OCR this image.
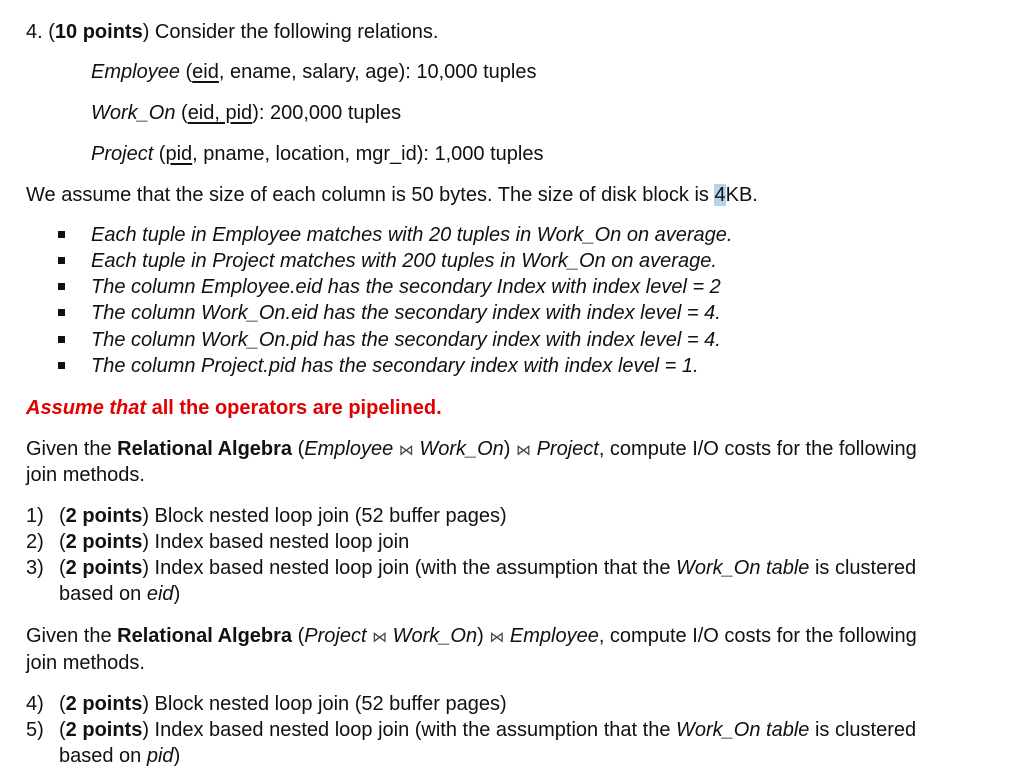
4. (10 points) Consider the following relations.
Employee (eid, ename, salary, age): 10,000 tuples
Work_On (eid, pid): 200,000 tuples
Project (pid, pname, location, mgr_id): 1,000 tuples
We assume that the size of each column is 50 bytes. The size of disk block is 4KB.
Each tuple in Employee matches with 20 tuples in Work_On on average.
Each tuple in Project matches with 200 tuples in Work_On on average.
The column Employee.eid has the secondary Index with index level = 2
The column Work_On.eid has the secondary index with index level = 4.
The column Work_On.pid has the secondary index with index level = 4.
The column Project.pid has the secondary index with index level = 1.
Assume that all the operators are pipelined.
Given the Relational Algebra (Employee ⋈ Work_On) ⋈ Project, compute I/O costs for the following
join methods.
1) (2 points) Block nested loop join (52 buffer pages)
2) (2 points) Index based nested loop join
3) (2 points) Index based nested loop join (with the assumption that the Work_On table is clustered
based on eid)
Given the Relational Algebra (Project ⋈ Work_On) ⋈ Employee, compute I/O costs for the following
join methods.
4) (2 points) Block nested loop join (52 buffer pages)
5) (2 points) Index based nested loop join (with the assumption that the Work_On table is clustered
based on pid)
